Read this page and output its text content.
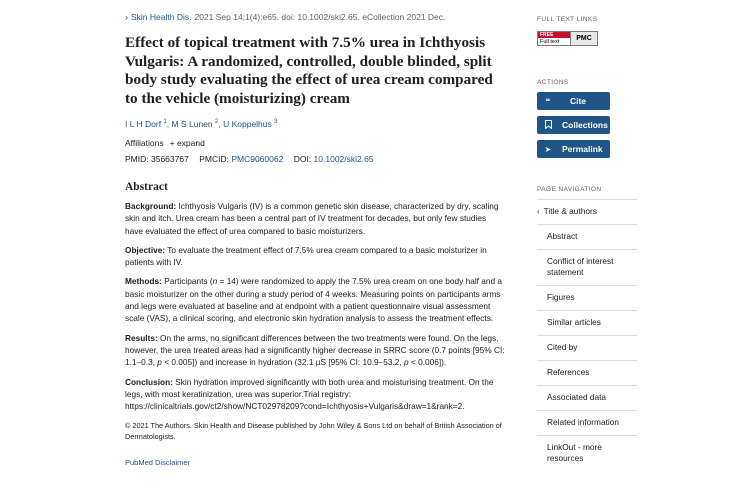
› Skin Health Dis. 2021 Sep 14;1(4):e65. doi: 10.1002/ski2.65. eCollection 2021 Dec.
Effect of topical treatment with 7.5% urea in Ichthyosis Vulgaris: A randomized, controlled, double blinded, split body study evaluating the effect of urea cream compared to the vehicle (moisturizing) cream
I L H Dorf $^1$, M S Lunen $^2$, U Koppelhus $^3$
Affiliations + expand
PMID: 35663767 PMCID: PMC9060062 DOI: 10.1002/ski2.65
Abstract

Background: Ichthyosis Vulgaris (IV) is a common genetic skin disease, characterized by dry, scaling skin and itch. Urea cream has been a central part of IV treatment for decades, but only few studies have evaluated the effect of urea compared to basic moisturizers.

Objective: To evaluate the treatment effect of 7.5% urea cream compared to a basic moisturizer in patients with IV.

Methods: Participants (n = 14) were randomized to apply the 7.5% urea cream on one body half and a basic moisturizer on the other during a study period of 4 weeks. Measuring points on participants arms and legs were evaluated at baseline and at endpoint with a patient questionnaire visual assessment scale (VAS), a clinical scoring, and electronic skin hydration analysis to assess the treatment effects.

Results: On the arms, no significant differences between the two treatments were found. On the legs, however, the urea treated areas had a significantly higher decrease in SRRC score (0.7 points [95% CI: 1.1–0.3, p < 0.005]) and increase in hydration (32.1 µS [95% CI: 10.9–53.2, p < 0.006]).

Conclusion: Skin hydration improved significantly with both urea and moisturising treatment. On the legs, with most keratinization, urea was superior.Trial registry: https://clinicaltrials.gov/ct2/show/NCT02978209?cond=Ichthyosis+Vulgaris&draw=1&rank=2.

© 2021 The Authors. Skin Health and Disease published by John Wiley & Sons Ltd on behalf of British Association of Dermatologists.

PubMed Disclaimer
FULL TEXT LINKS
FREE
Full text	PMC
ACTIONS
❝ Cite
Collections
➤ Permalink
PAGE NAVIGATION
‹ Title & authors
Abstract
Conflict of interest statement
Figures
Similar articles
Cited by
References
Associated data
Related information
LinkOut - more resources
